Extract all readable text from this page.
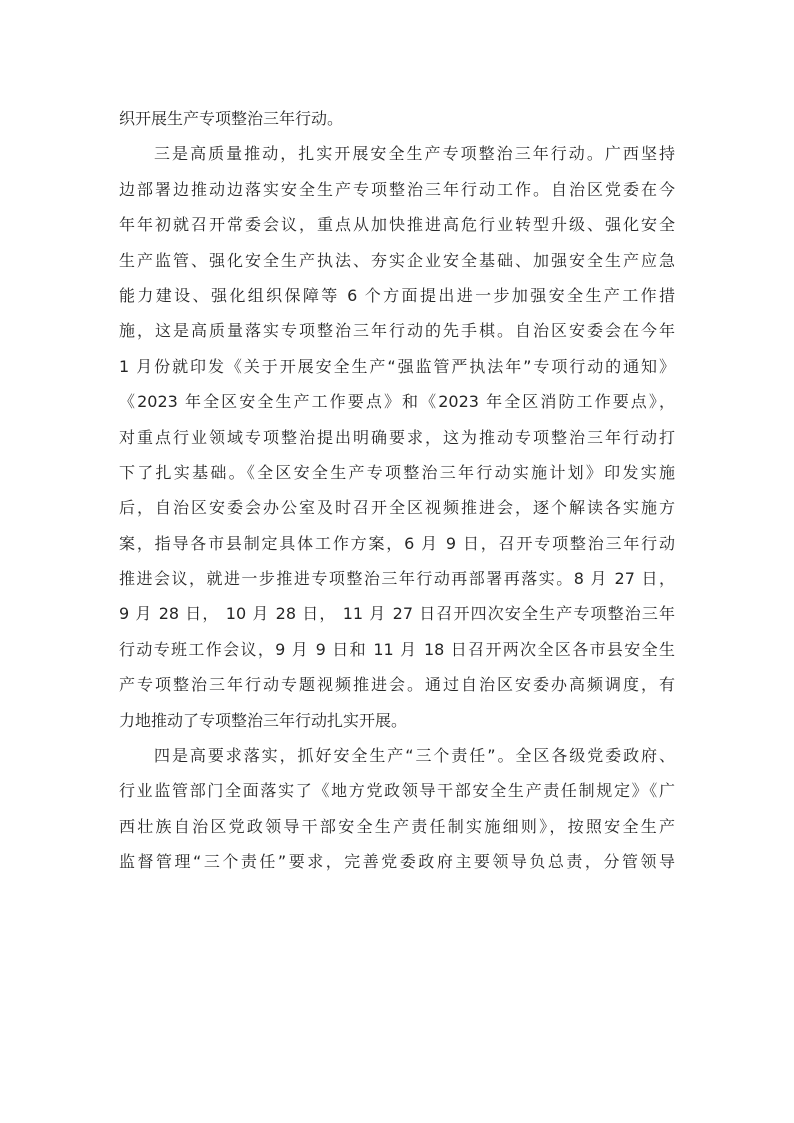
织开展生产专项整治三年行动。
三是高质量推动，扎实开展安全生产专项整治三年行动。广西坚持
边部署边推动边落实安全生产专项整治三年行动工作。自治区党委在今
年年初就召开常委会议，重点从加快推进高危行业转型升级、强化安全
生产监管、强化安全生产执法、夯实企业安全基础、加强安全生产应急
能力建设、强化组织保障等 6 个方面提出进一步加强安全生产工作措
施，这是高质量落实专项整治三年行动的先手棋。自治区安委会在今年
1 月份就印发《关于开展安全生产“强监管严执法年”专项行动的通知》
《2023 年全区安全生产工作要点》和《2023 年全区消防工作要点》，
对重点行业领域专项整治提出明确要求，这为推动专项整治三年行动打
下了扎实基础。《全区安全生产专项整治三年行动实施计划》印发实施
后，自治区安委会办公室及时召开全区视频推进会，逐个解读各实施方
案，指导各市县制定具体工作方案，6 月 9 日，召开专项整治三年行动
推进会议，就进一步推进专项整治三年行动再部署再落实。8 月 27 日，
9 月 28 日， 10 月 28 日， 11 月 27 日召开四次安全生产专项整治三年
行动专班工作会议，9 月 9 日和 11 月 18 日召开两次全区各市县安全生
产专项整治三年行动专题视频推进会。通过自治区安委办高频调度，有
力地推动了专项整治三年行动扎实开展。
四是高要求落实，抓好安全生产“三个责任”。全区各级党委政府、
行业监管部门全面落实了《地方党政领导干部安全生产责任制规定》《广
西壮族自治区党政领导干部安全生产责任制实施细则》，按照安全生产
监督管理“三个责任”要求，完善党委政府主要领导负总责，分管领导
